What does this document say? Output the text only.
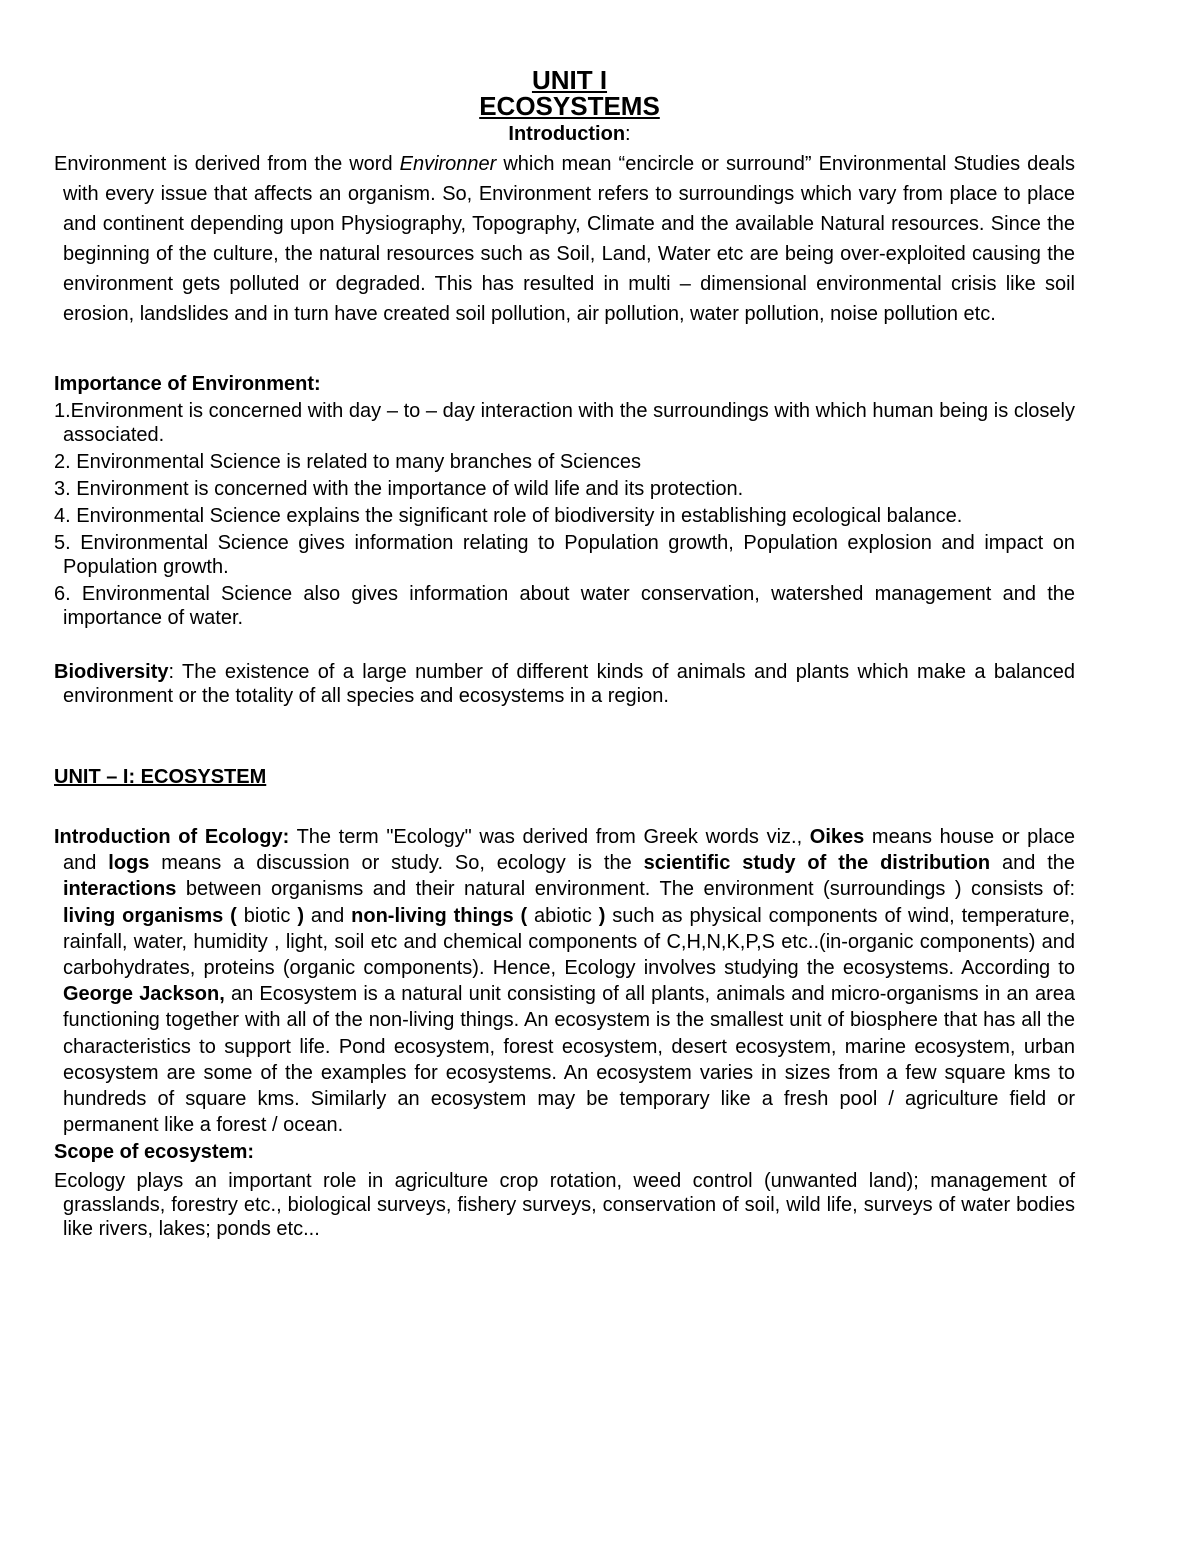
UNIT I
ECOSYSTEMS
Introduction:
Environment is derived from the word Environner which mean “encircle or surround” Environmental Studies deals with every issue that affects an organism. So, Environment refers to surroundings which vary from place to place and continent depending upon Physiography, Topography, Climate and the available Natural resources. Since the beginning of the culture, the natural resources such as Soil, Land, Water etc are being over-exploited causing the environment gets polluted or degraded. This has resulted in multi – dimensional environmental crisis like soil erosion, landslides and in turn have created soil pollution, air pollution, water pollution, noise pollution etc.
Importance of Environment:
1.Environment is concerned with day – to – day interaction with the surroundings with which human being is closely associated.
2. Environmental Science is related to many branches of Sciences
3. Environment is concerned with the importance of wild life and its protection.
4. Environmental Science explains the significant role of biodiversity in establishing ecological balance.
5. Environmental Science gives information relating to Population growth, Population explosion and impact on Population growth.
6. Environmental Science also gives information about water conservation, watershed management and the importance of water.
Biodiversity: The existence of a large number of different kinds of animals and plants which make a balanced environment or the totality of all species and ecosystems in a region.
UNIT – I: ECOSYSTEM
Introduction of Ecology: The term "Ecology" was derived from Greek words viz., Oikes means house or place and logs means a discussion or study. So, ecology is the scientific study of the distribution and the interactions between organisms and their natural environment. The environment (surroundings ) consists of: living organisms ( biotic ) and non-living things ( abiotic ) such as physical components of wind, temperature, rainfall, water, humidity , light, soil etc and chemical components of C,H,N,K,P,S etc..(in-organic components) and carbohydrates, proteins (organic components). Hence, Ecology involves studying the ecosystems. According to George Jackson, an Ecosystem is a natural unit consisting of all plants, animals and micro-organisms in an area functioning together with all of the non-living things. An ecosystem is the smallest unit of biosphere that has all the characteristics to support life. Pond ecosystem, forest ecosystem, desert ecosystem, marine ecosystem, urban ecosystem are some of the examples for ecosystems. An ecosystem varies in sizes from a few square kms to hundreds of square kms. Similarly an ecosystem may be temporary like a fresh pool / agriculture field or permanent like a forest / ocean.
Scope of ecosystem:
Ecology plays an important role in agriculture crop rotation, weed control (unwanted land); management of grasslands, forestry etc., biological surveys, fishery surveys, conservation of soil, wild life, surveys of water bodies like rivers, lakes; ponds etc...
